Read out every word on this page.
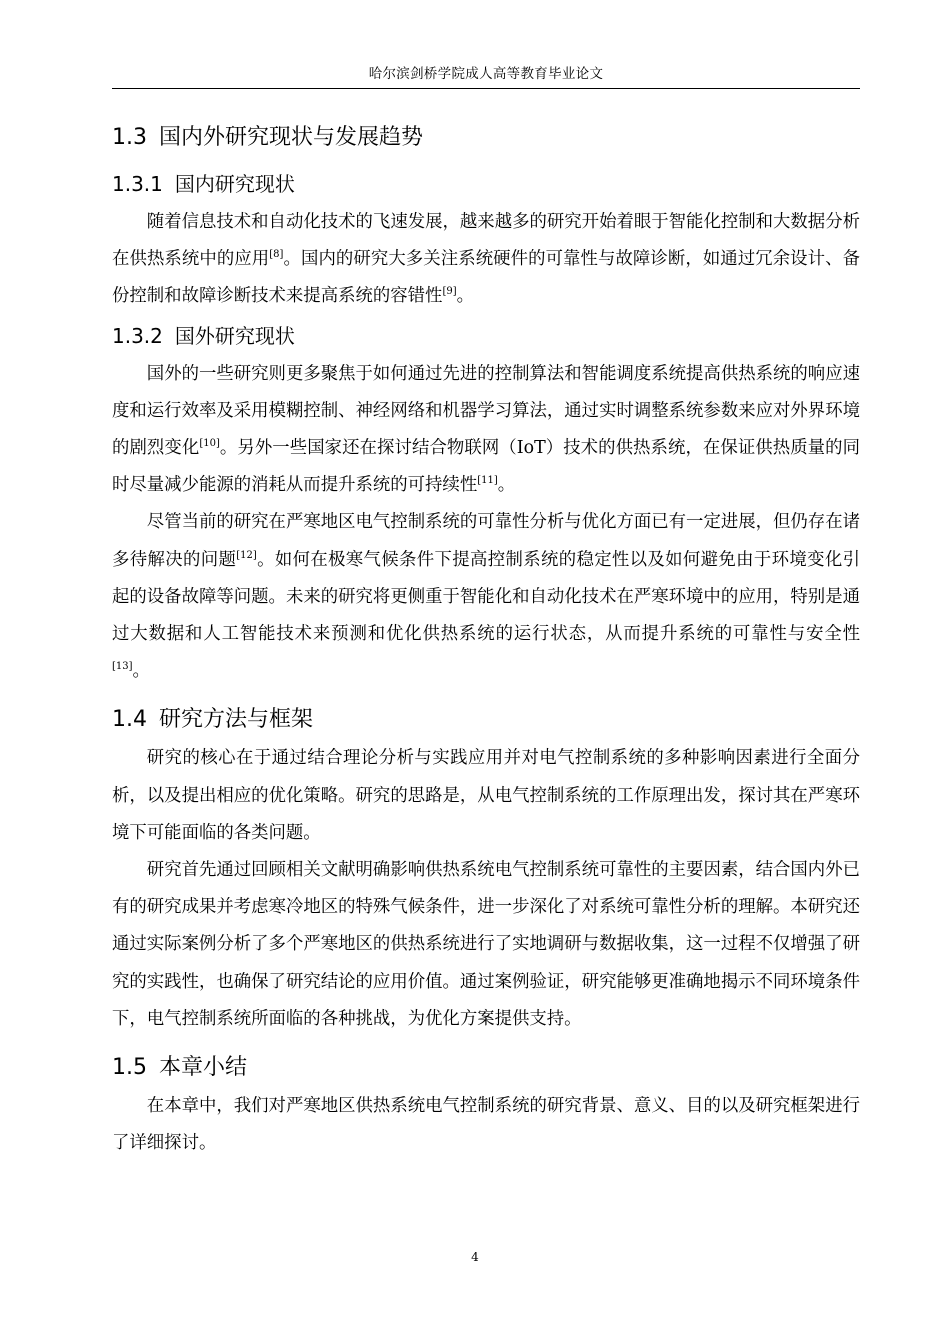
哈尔滨剑桥学院成人高等教育毕业论文
1.3 国内外研究现状与发展趋势
1.3.1 国内研究现状

随着信息技术和自动化技术的飞速发展，越来越多的研究开始着眼于智能化控制和大数据分析在供热系统中的应用[8]。国内的研究大多关注系统硬件的可靠性与故障诊断，如通过冗余设计、备份控制和故障诊断技术来提高系统的容错性[9]。

1.3.2 国外研究现状

国外的一些研究则更多聚焦于如何通过先进的控制算法和智能调度系统提高供热系统的响应速度和运行效率及采用模糊控制、神经网络和机器学习算法，通过实时调整系统参数来应对外界环境的剧烈变化[10]。另外一些国家还在探讨结合物联网（IoT）技术的供热系统，在保证供热质量的同时尽量减少能源的消耗从而提升系统的可持续性[11]。

尽管当前的研究在严寒地区电气控制系统的可靠性分析与优化方面已有一定进展，但仍存在诸多待解决的问题[12]。如何在极寒气候条件下提高控制系统的稳定性以及如何避免由于环境变化引起的设备故障等问题。未来的研究将更侧重于智能化和自动化技术在严寒环境中的应用，特别是通过大数据和人工智能技术来预测和优化供热系统的运行状态，从而提升系统的可靠性与安全性[13]。

1.4 研究方法与框架

研究的核心在于通过结合理论分析与实践应用并对电气控制系统的多种影响因素进行全面分析，以及提出相应的优化策略。研究的思路是，从电气控制系统的工作原理出发，探讨其在严寒环境下可能面临的各类问题。

研究首先通过回顾相关文献明确影响供热系统电气控制系统可靠性的主要因素，结合国内外已有的研究成果并考虑寒冷地区的特殊气候条件，进一步深化了对系统可靠性分析的理解。本研究还通过实际案例分析了多个严寒地区的供热系统进行了实地调研与数据收集，这一过程不仅增强了研究的实践性，也确保了研究结论的应用价值。通过案例验证，研究能够更准确地揭示不同环境条件下，电气控制系统所面临的各种挑战，为优化方案提供支持。

1.5 本章小结

在本章中，我们对严寒地区供热系统电气控制系统的研究背景、意义、目的以及研究框架进行了详细探讨。

4
